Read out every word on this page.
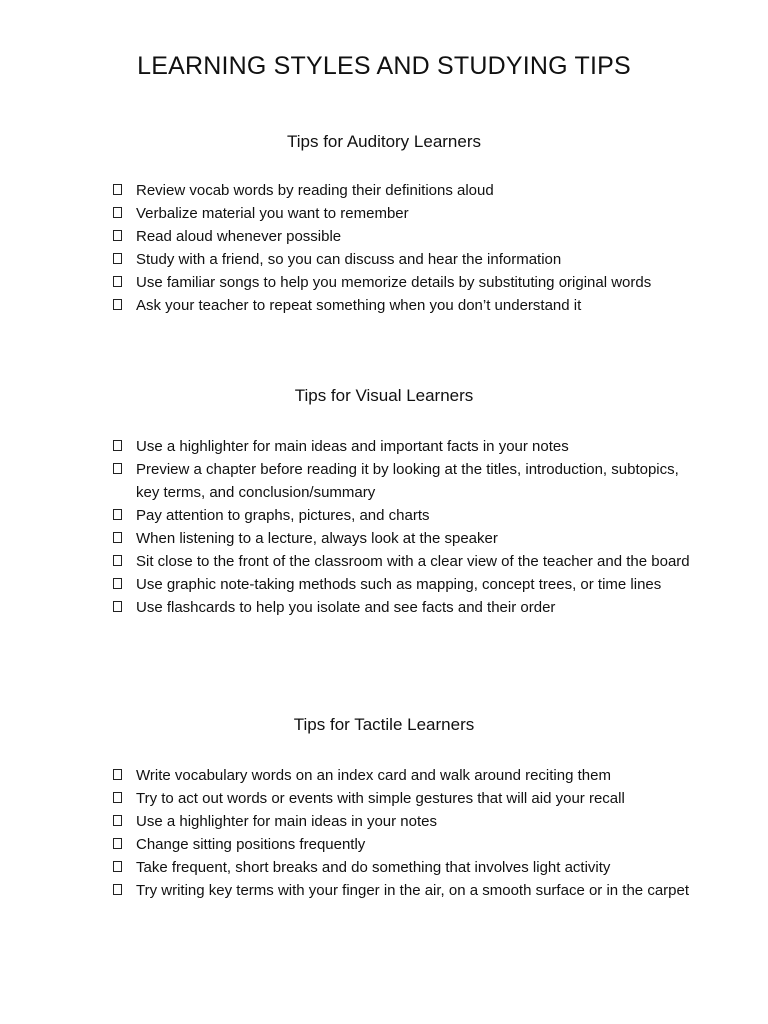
LEARNING STYLES AND STUDYING TIPS
Tips for Auditory Learners
Review vocab words by reading their definitions aloud
Verbalize material you want to remember
Read aloud whenever possible
Study with a friend, so you can discuss and hear the information
Use familiar songs to help you memorize details by substituting original words
Ask your teacher to repeat something when you don’t understand it
Tips for Visual Learners
Use a highlighter for main ideas and important facts in your notes
Preview a chapter before reading it by looking at the titles, introduction, subtopics, key terms, and conclusion/summary
Pay attention to graphs, pictures, and charts
When listening to a lecture, always look at the speaker
Sit close to the front of the classroom with a clear view of the teacher and the board
Use graphic note-taking methods such as mapping, concept trees, or time lines
Use flashcards to help you isolate and see facts and their order
Tips for Tactile Learners
Write vocabulary words on an index card and walk around reciting them
Try to act out words or events with simple gestures that will aid your recall
Use a highlighter for main ideas in your notes
Change sitting positions frequently
Take frequent, short breaks and do something that involves light activity
Try writing key terms with your finger in the air, on a smooth surface or in the carpet
